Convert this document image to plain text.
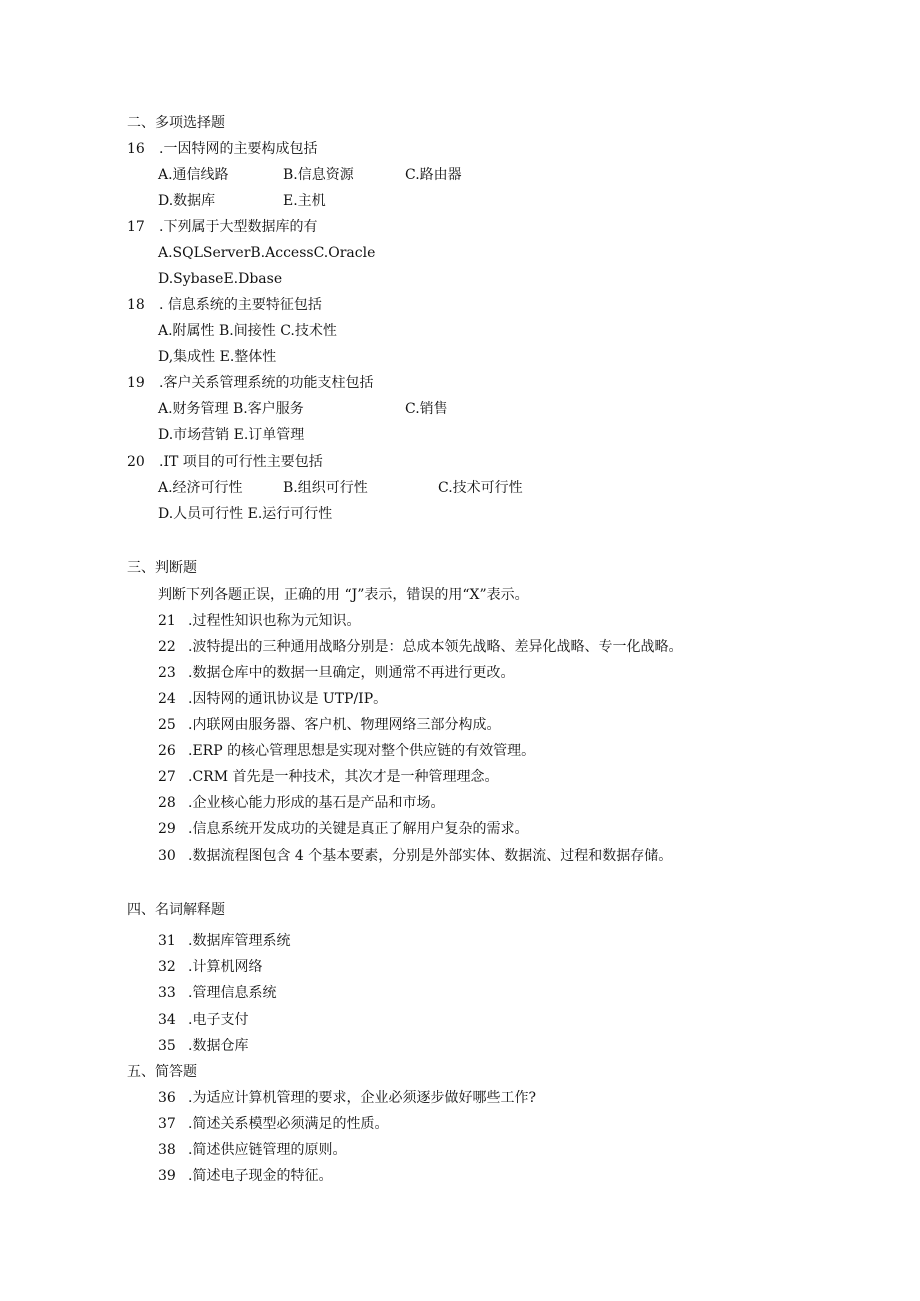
二、多项选择题
16 .一因特网的主要构成包括
A.通信线路	B.信息资源	C.路由器
D.数据库	E.主机
17 .下列属于大型数据库的有
A.SQLServerB.AccessC.Oracle
D.SybaseE.Dbase
18 . 信息系统的主要特征包括
A.附属性 B.间接性 C.技术性
D,集成性 E.整体性
19 .客户关系管理系统的功能支柱包括
A.财务管理 B.客户服务	C.销售
D.市场营销 E.订单管理
20 .IT 项目的可行性主要包括
A.经济可行性	B.组织可行性	C.技术可行性
D.人员可行性 E.运行可行性
三、判断题
判断下列各题正误，正确的用 “J”表示，错误的用“X”表示。
21 .过程性知识也称为元知识。
22 .波特提出的三种通用战略分别是：总成本领先战略、差异化战略、专一化战略。
23 .数据仓库中的数据一旦确定，则通常不再进行更改。
24 .因特网的通讯协议是 UTP/IP。
25 .内联网由服务器、客户机、物理网络三部分构成。
26 .ERP 的核心管理思想是实现对整个供应链的有效管理。
27 .CRM 首先是一种技术，其次才是一种管理理念。
28 .企业核心能力形成的基石是产品和市场。
29 .信息系统开发成功的关键是真正了解用户复杂的需求。
30 .数据流程图包含 4 个基本要素，分别是外部实体、数据流、过程和数据存储。
四、名词解释题
31 .数据库管理系统
32 .计算机网络
33 .管理信息系统
34 .电子支付
35 .数据仓库
五、简答题
36 .为适应计算机管理的要求，企业必须逐步做好哪些工作?
37 .简述关系模型必须满足的性质。
38 .简述供应链管理的原则。
39 .简述电子现金的特征。
